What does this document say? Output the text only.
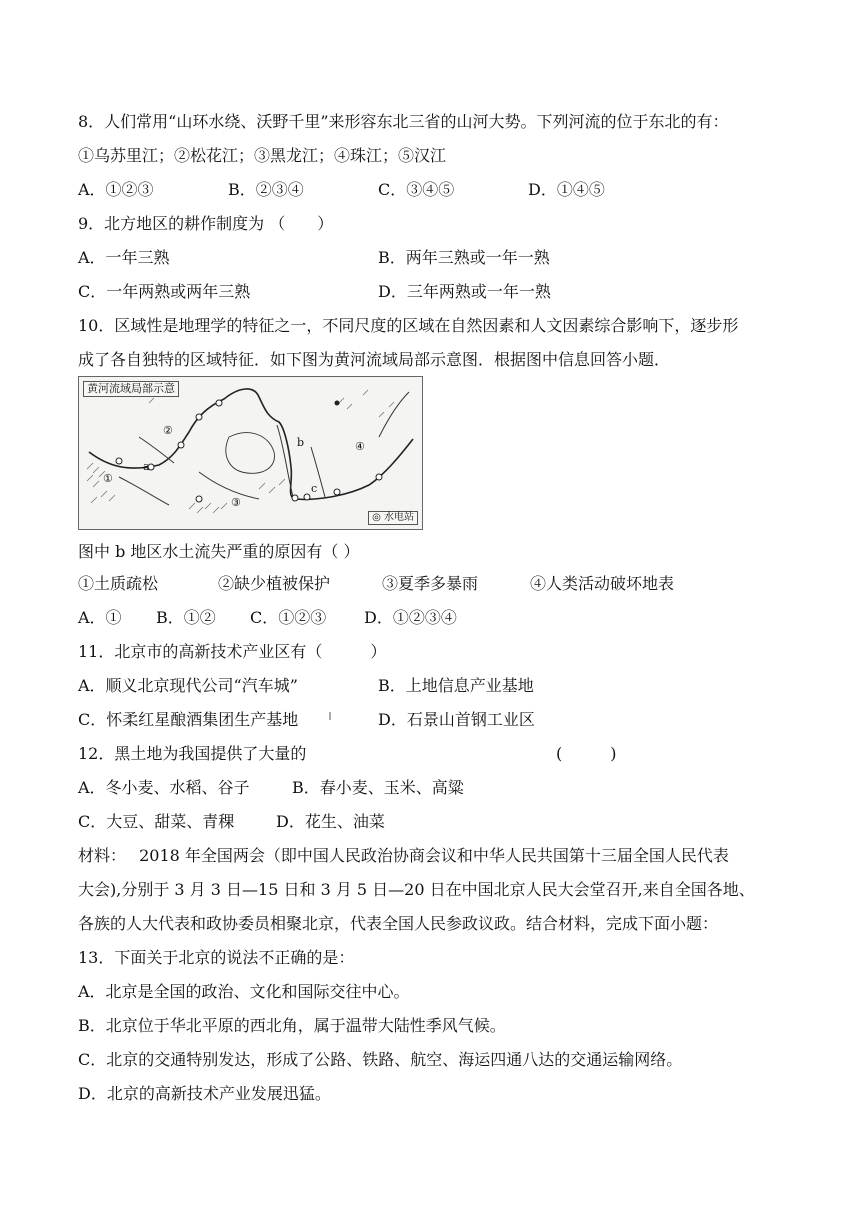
8．人们常用“山环水绕、沃野千里”来形容东北三省的山河大势。下列河流的位于东北的有：
①乌苏里江；②松花江；③黑龙江；④珠江；⑤汉江
A．①②③	B．②③④	C．③④⑤	D．①④⑤
9．北方地区的耕作制度为 （　　）
A．一年三熟	B．两年三熟或一年一熟
C．一年两熟或两年三熟	D．三年两熟或一年一熟
10．区域性是地理学的特征之一，不同尺度的区域在自然因素和人文因素综合影响下，逐步形
成了各自独特的区域特征．如下图为黄河流域局部示意图．根据图中信息回答小题．
黄河流域局部示意
②
a
①
③
b
c
④
◎ 水电站
图中 b 地区水土流失严重的原因有（ ）
①土质疏松	②缺少植被保护	③夏季多暴雨	④人类活动破坏地表
A．① B．①② C．①②③ D．①②③④
11．北京市的高新技术产业区有（　　　）
A．顺义北京现代公司“汽车城”	B．上地信息产业基地
C．怀柔红星酿酒集团生产基地	D．石景山首钢工业区
12．黑土地为我国提供了大量的	(　　　)
A．冬小麦、水稻、谷子	B．春小麦、玉米、高粱
C．大豆、甜菜、青稞	D．花生、油菜
材料：　 2018 年全国两会（即中国人民政治协商会议和中华人民共国第十三届全国人民代表
大会),分别于 3 月 3 日—15 日和 3 月 5 日—20 日在中国北京人民大会堂召开,来自全国各地、
各族的人大代表和政协委员相聚北京，代表全国人民参政议政。结合材料，完成下面小题：
13．下面关于北京的说法不正确的是：
A．北京是全国的政治、文化和国际交往中心。
B．北京位于华北平原的西北角，属于温带大陆性季风气候。
C．北京的交通特别发达，形成了公路、铁路、航空、海运四通八达的交通运输网络。
D．北京的高新技术产业发展迅猛。
